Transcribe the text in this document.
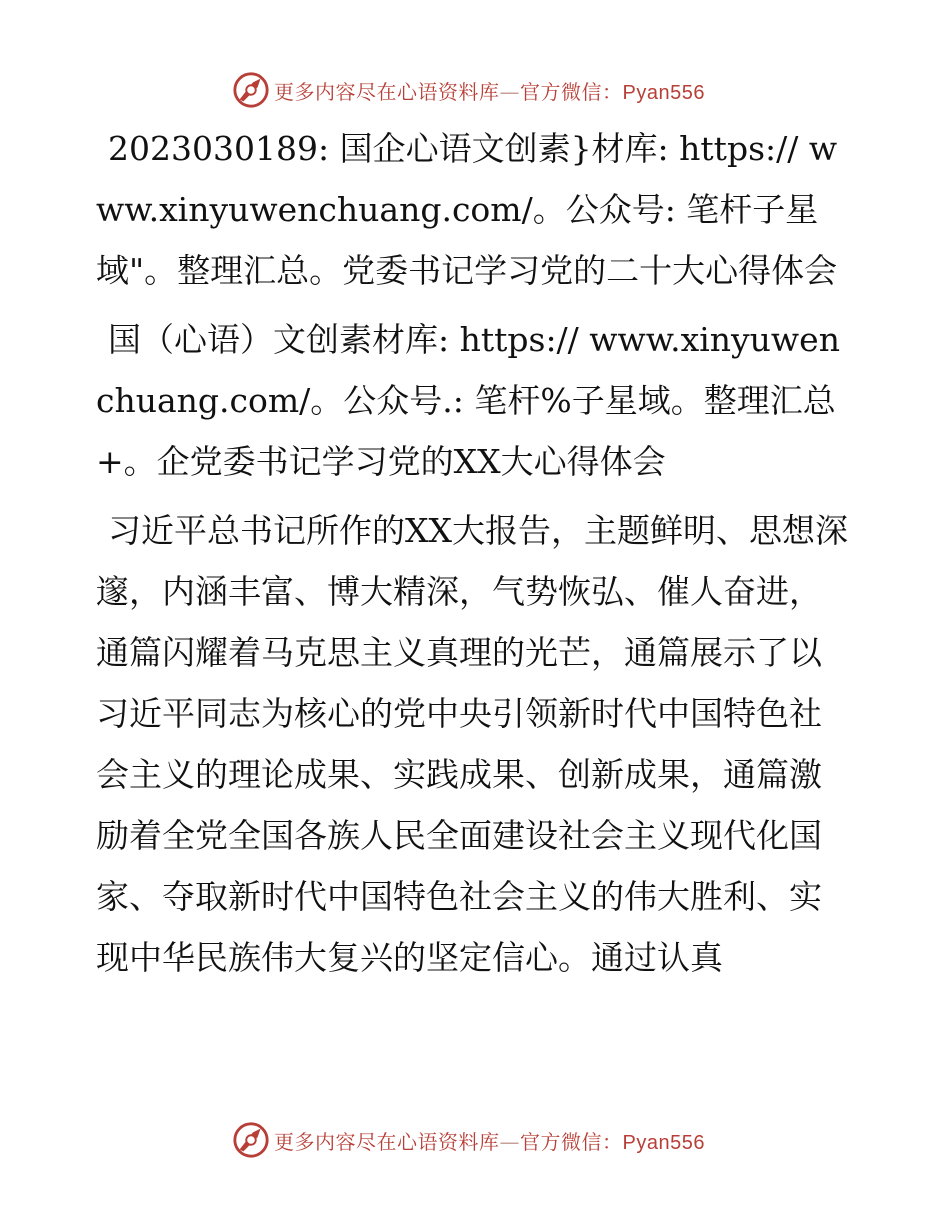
更多内容尽在心语资料库—官方微信：Pyan556

2023030189: 国企心语文创素}材库: https:// www.xinyuwenchuang.com/。公众号: 笔杆子星域"。整理汇总。党委书记学习党的二十大心得体会

国（心语）文创素材库: https:// www.xinyuwenchuang.com/。公众号.: 笔杆%子星域。整理汇总+。企党委书记学习党的XX大心得体会

习近平总书记所作的XX大报告，主题鲜明、思想深邃，内涵丰富、博大精深，气势恢弘、催人奋进，通篇闪耀着马克思主义真理的光芒，通篇展示了以习近平同志为核心的党中央引领新时代中国特色社会主义的理论成果、实践成果、创新成果，通篇激励着全党全国各族人民全面建设社会主义现代化国家、夺取新时代中国特色社会主义的伟大胜利、实现中华民族伟大复兴的坚定信心。通过认真

更多内容尽在心语资料库—官方微信：Pyan556
